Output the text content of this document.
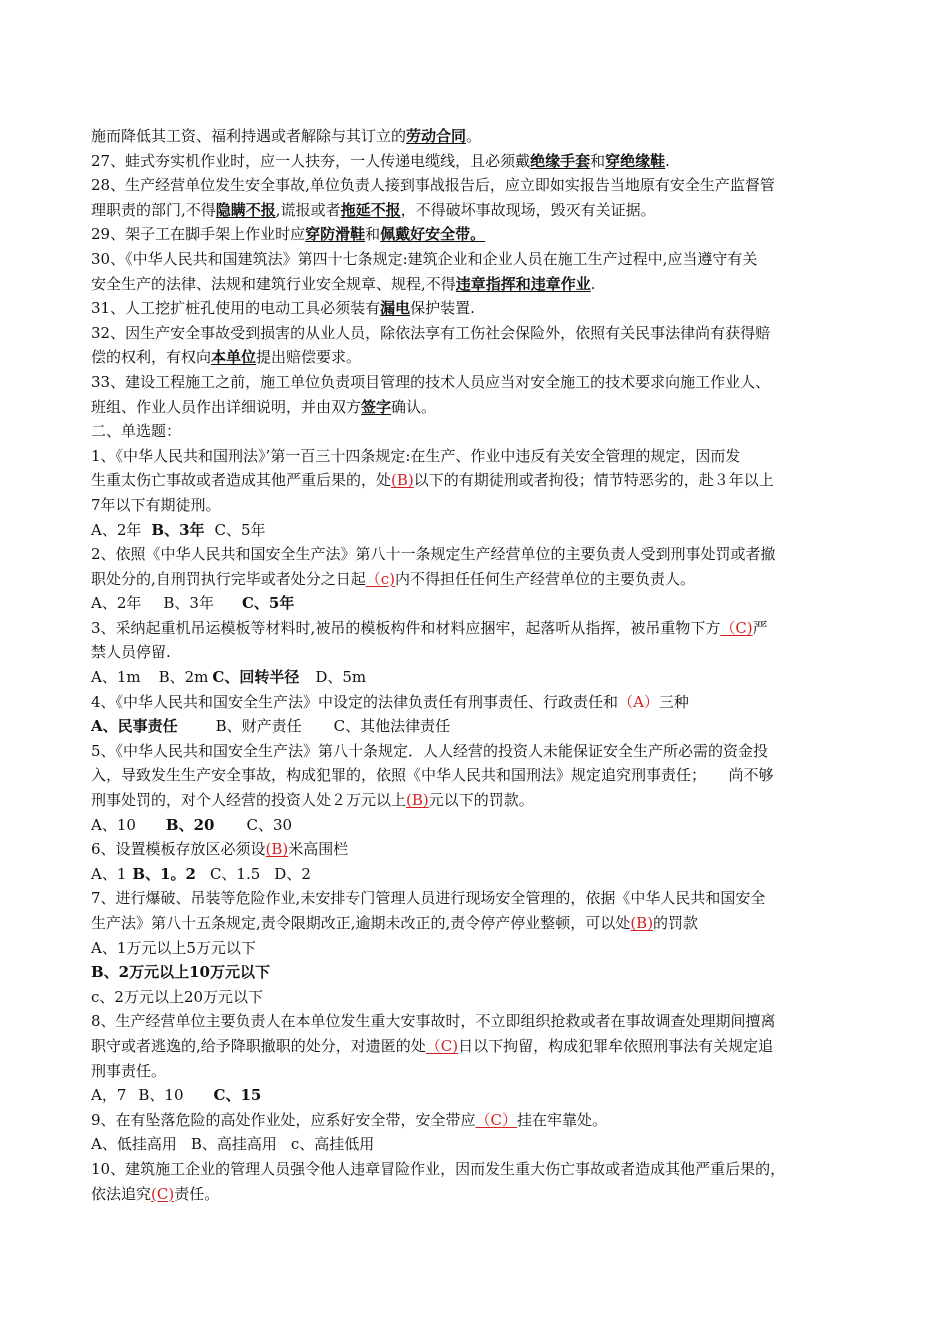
施而降低其工资、福利持遇或者解除与其订立的劳动合同。
27、蛙式夯实机作业时，应一人扶夯，一人传递电缆线，且必须戴绝缘手套和穿绝缘鞋.
28、生产经营单位发生安全事故,单位负责人接到事战报告后，应立即如实报告当地原有安全生产监督管
理职责的部门,不得隐瞒不报,谎报或者拖延不报，不得破坏事故现场，毁灭有关证据。
29、架子工在脚手架上作业时应穿防滑鞋和佩戴好安全带。
30、《中华人民共和国建筑法》第四十七条规定:建筑企业和企业人员在施工生产过程中,应当遵守有关
安全生产的法律、法规和建筑行业安全规章、规程,不得违章指挥和违章作业.
31、人工挖扩桩孔使用的电动工具必须装有漏电保护装置.
32、因生产安全事故受到损害的从业人员，除依法享有工伤社会保险外，依照有关民事法律尚有获得赔
偿的权利，有权向本单位提出赔偿要求。
33、建设工程施工之前，施工单位负责项目管理的技术人员应当对安全施工的技术要求向施工作业人、
班组、作业人员作出详细说明，并由双方签字确认。
二、单选题：
1、《中华人民共和国刑法》’第一百三十四条规定:在生产、作业中违反有关安全管理的规定，因而发
生重太伤亡事故或者造成其他严重后果的，处(B)以下的有期徒刑或者拘役；情节特恶劣的，赴３年以上
7年以下有期徒刑。
A、2年 B、3年 C、5年
2、依照《中华人民共和国安全生产法》第八十一条规定生产经营单位的主要负责人受到刑事处罚或者撤
职处分的,自刑罚执行完毕或者处分之日起（c)内不得担任任何生产经营单位的主要负责人。
A、2年 B、3年 C、5年
3、采纳起重机吊运模板等材料时,被吊的模板构件和材料应捆牢，起落听从指挥，被吊重物下方（C)严
禁人员停留.
A、1m B、2m C、回转半径 D、5m
4、《中华人民共和国安全生产法》中设定的法律负责任有刑事责任、行政责任和（A）三种
A、民事责任	B、财产责任 C、其他法律责任
5、《中华人民共和国安全生产法》第八十条规定．人人经营的投资人未能保证安全生产所必需的资金投
入，导致发生生产安全事故，构成犯罪的，依照《中华人民共和国刑法》规定追究刑事责任；　　尚不够
刑事处罚的，对个人经营的投资人处２万元以上(B)元以下的罚款。
A、10 B、20 C、30
6、设置模板存放区必须设(B)米高围栏
A、1 B、1。2 C、1.5 D、2
7、进行爆破、吊装等危险作业,未安排专门管理人员进行现场安全管理的，依据《中华人民共和国安全
生产法》第八十五条规定,责令限期改正,逾期未改正的,责令停产停业整顿，可以处(B)的罚款
A、1万元以上5万元以下
B、2万元以上10万元以下
c、2万元以上20万元以下
8、生产经营单位主要负责人在本单位发生重大安事故时，不立即组织抢救或者在事故调查处理期间擅离
职守或者逃逸的,给予降职撤职的处分，对遗匿的处（C)日以下拘留，构成犯罪牟依照刑事法有关规定追
刑事责任。
A，7 B、10 C、15
9、在有坠落危险的高处作业处，应系好安全带，安全带应（C）挂在牢靠处。
A、低挂高用 B、高挂高用 c、高挂低用
10、建筑施工企业的管理人员强令他人违章冒险作业，因而发生重大伤亡事故或者造成其他严重后果的，
依法追究(C)责任。
